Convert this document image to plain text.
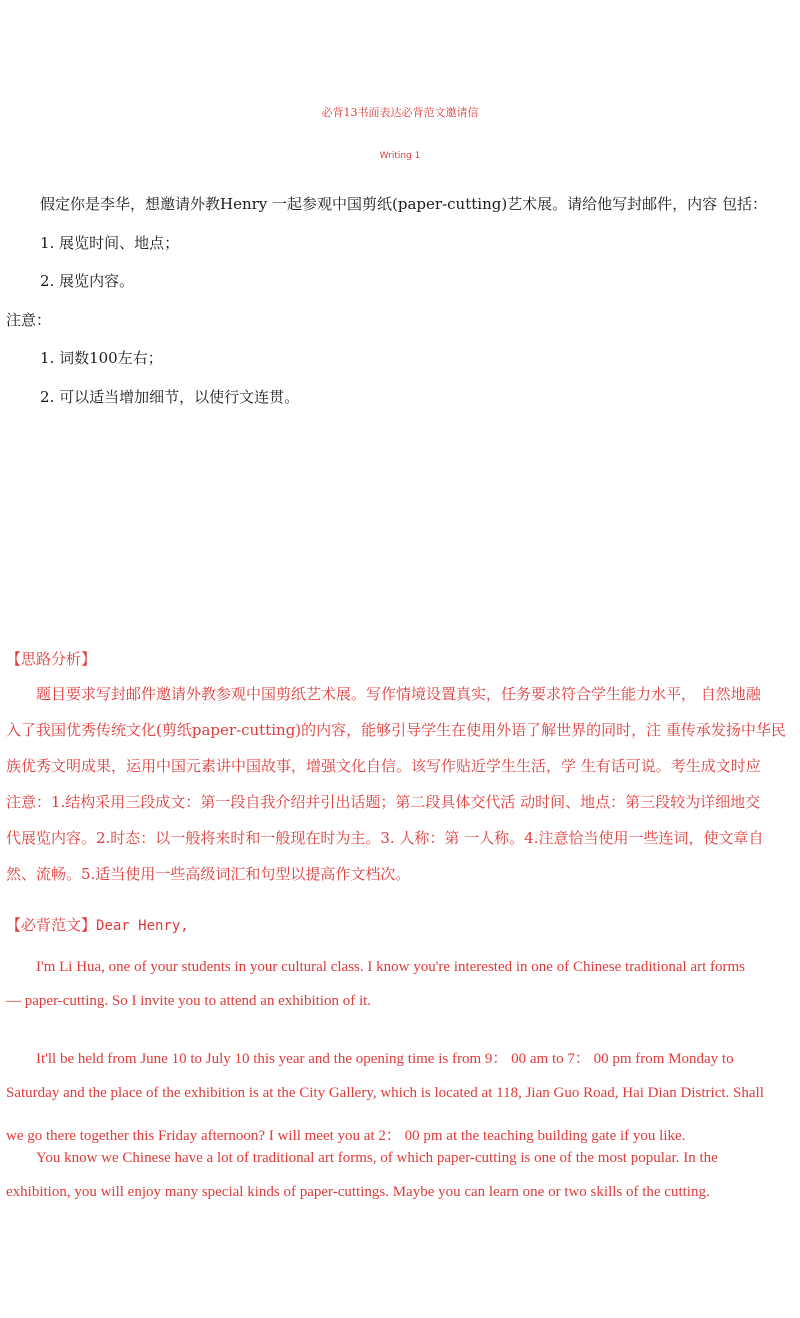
必背13书面表达必背范文邀请信
Writing 1
假定你是李华，想邀请外教Henry 一起参观中国剪纸(paper-cutting)艺术展。请给他写封邮件，内容 包括：
1. 展览时间、地点；
2. 展览内容。
注意：
1. 词数100左右；
2. 可以适当增加细节，以使行文连贯。
【思路分析】

　　题目要求写封邮件邀请外教参观中国剪纸艺术展。写作情境设置真实，任务要求符合学生能力水平， 自然地融

入了我国优秀传统文化(剪纸paper-cutting)的内容，能够引导学生在使用外语了解世界的同时，注 重传承发扬中华民

族优秀文明成果，运用中国元素讲中国故事，增强文化自信。该写作贴近学生生活，学 生有话可说。考生成文时应

注意：1.结构采用三段成文：第一段自我介绍并引出话题；第二段具体交代活 动时间、地点：第三段较为详细地交

代展览内容。2.时态：以一般将来时和一般现在时为主。3. 人称：第 一人称。4.注意恰当使用一些连词，使文章自

然、流畅。5.适当使用一些高级词汇和句型以提高作文档次。

【必背范文】Dear Henry,
　　I'm Li Hua, one of your students in your cultural class. I know you're interested in one of Chinese traditional art forms
— paper-cutting. So I invite you to attend an exhibition of it.
　　It'll be held from June 10 to July 10 this year and the opening time is from 9： 00 am to 7： 00 pm from Monday to
Saturday and the place of the exhibition is at the City Gallery, which is located at 118, Jian Guo Road, Hai Dian District. Shall
we go there together this Friday afternoon? I will meet you at 2： 00 pm at the teaching building gate if you like.
　　You know we Chinese have a lot of traditional art forms, of which paper-cutting is one of the most popular. In the
exhibition, you will enjoy many special kinds of paper-cuttings. Maybe you can learn one or two skills of the cutting.
